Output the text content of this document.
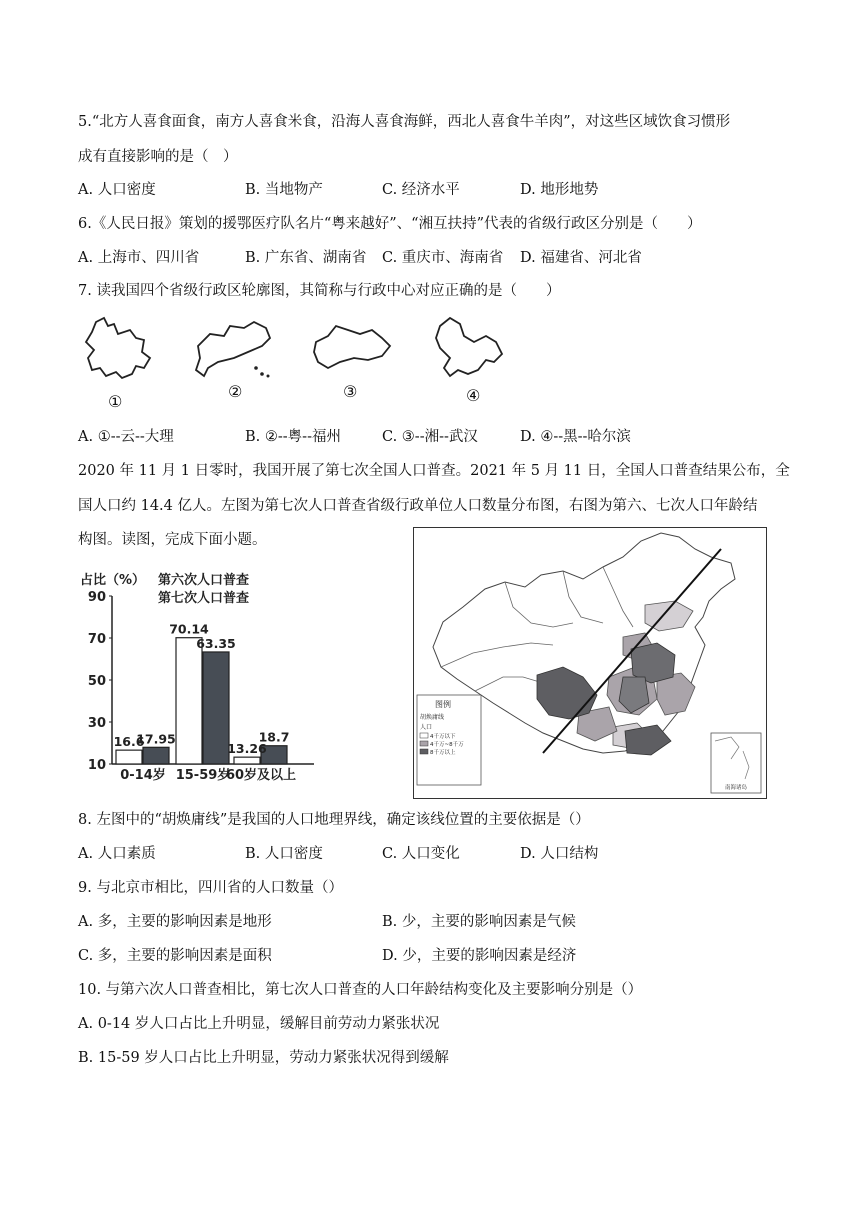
5.“北方人喜食面食，南方人喜食米食，沿海人喜食海鲜，西北人喜食牛羊肉”，对这些区域饮食习惯形
成有直接影响的是（　）
A. 人口密度	B. 当地物产	C. 经济水平	D. 地形地势
6.《人民日报》策划的援鄂医疗队名片“粤来越好”、“湘互扶持”代表的省级行政区分别是（　　）
A. 上海市、四川省	B. 广东省、湖南省 C. 重庆市、海南省 D. 福建省、河北省
7. 读我国四个省级行政区轮廓图，其简称与行政中心对应正确的是（　　）
①
②	③	④
A. ①--云--大理	B. ②--粤--福州	C. ③--湘--武汉	D. ④--黑--哈尔滨
2020 年 11 月 1 日零时，我国开展了第七次全国人口普查。2021 年 5 月 11 日，全国人口普查结果公布，全
国人口约 14.4 亿人。左图为第七次人口普查省级行政单位人口数量分布图，右图为第六、七次人口年龄结
构图。读图，完成下面小题。
占比（%） 第六次人口普查
第七次人口普查
90
70
50
30
10
16.6
17.95
70.14
63.35
13.26
18.7
0-14岁 15-59岁
60岁及以上
图例
胡焕庸线
人口
4千万以下
4千万~8千万
8千万以上
南海诸岛
8. 左图中的“胡焕庸线”是我国的人口地理界线，确定该线位置的主要依据是（）
A. 人口素质	B. 人口密度	C. 人口变化	D. 人口结构
9. 与北京市相比，四川省的人口数量（）
A. 多，主要的影响因素是地形	B. 少，主要的影响因素是气候
C. 多，主要的影响因素是面积	D. 少，主要的影响因素是经济
10. 与第六次人口普查相比，第七次人口普查的人口年龄结构变化及主要影响分别是（）
A. 0-14 岁人口占比上升明显，缓解目前劳动力紧张状况
B. 15-59 岁人口占比上升明显，劳动力紧张状况得到缓解
